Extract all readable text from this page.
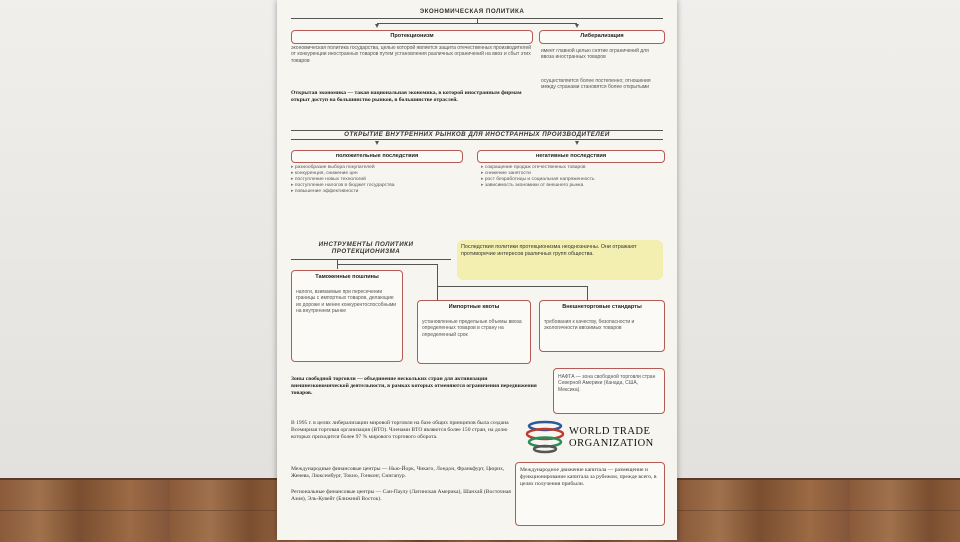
ЭКОНОМИЧЕСКАЯ ПОЛИТИКА
Протекционизм
экономическая политика государства, целью которой является защита отечественных производителей от конкуренции иностранных товаров путем установления различных ограничений на ввоз и сбыт этих товаров
Либерализация
имеет главной целью снятие ограничений для ввоза иностранных товаров
осуществляется более постепенно; отношения между странами становятся более открытыми
Открытая экономика — такая национальная экономика, в которой иностранным фирмам открыт доступ на большинство рынков, в большинстве отраслей.
ОТКРЫТИЕ ВНУТРЕННИХ РЫНКОВ ДЛЯ ИНОСТРАННЫХ ПРОИЗВОДИТЕЛЕЙ
положительные последствия
▸ разнообразие выбора покупателей
▸ конкуренция, снижение цен
▸ поступление новых технологий
▸ поступление налогов в бюджет государства
▸ повышение эффективности
негативные последствия
▸ сокращение продаж отечественных товаров
▸ снижение занятости
▸ рост безработицы и социальная напряженность
▸ зависимость экономики от внешнего рынка
ИНСТРУМЕНТЫ ПОЛИТИКИ ПРОТЕКЦИОНИЗМА
Последствия политики протекционизма неоднозначны. Они отражают противоречие интересов различных групп общества.
Таможенные пошлины
налоги, взимаемые при пересечении границы с импортных товаров, делающие их дороже и менее конкурентоспособными на внутреннем рынке
Импортные квоты
установленные предельные объемы ввоза определенных товаров в страну на определенный срок
Внешнеторговые стандарты
требования к качеству, безопасности и экологичности ввозимых товаров
Зоны свободной торговли — объединение нескольких стран для активизации внешнеэкономической деятельности, в рамках которых отменяются ограничения передвижения товаров.
НАФТА — зона свободной торговли стран Северной Америки (Канада, США, Мексика).
В 1995 г. в целях либерализации мировой торговли на базе общих принципов была создана Всемирная торговая организация (ВТО). Членами ВТО являются более 150 стран, на долю которых приходится более 97 % мирового торгового оборота.
Международные финансовые центры — Нью-Йорк, Чикаго, Лондон, Франкфурт, Цюрих, Женева, Люксембург, Токио, Гонконг, Сингапур.
Региональные финансовые центры — Сан-Паулу (Латинская Америка), Шанхай (Восточная Азия), Эль-Кувейт (Ближний Восток).
WORLD TRADE
ORGANIZATION
Международное движение капитала — размещение и функционирование капитала за рубежом, прежде всего, в целях получения прибыли.
